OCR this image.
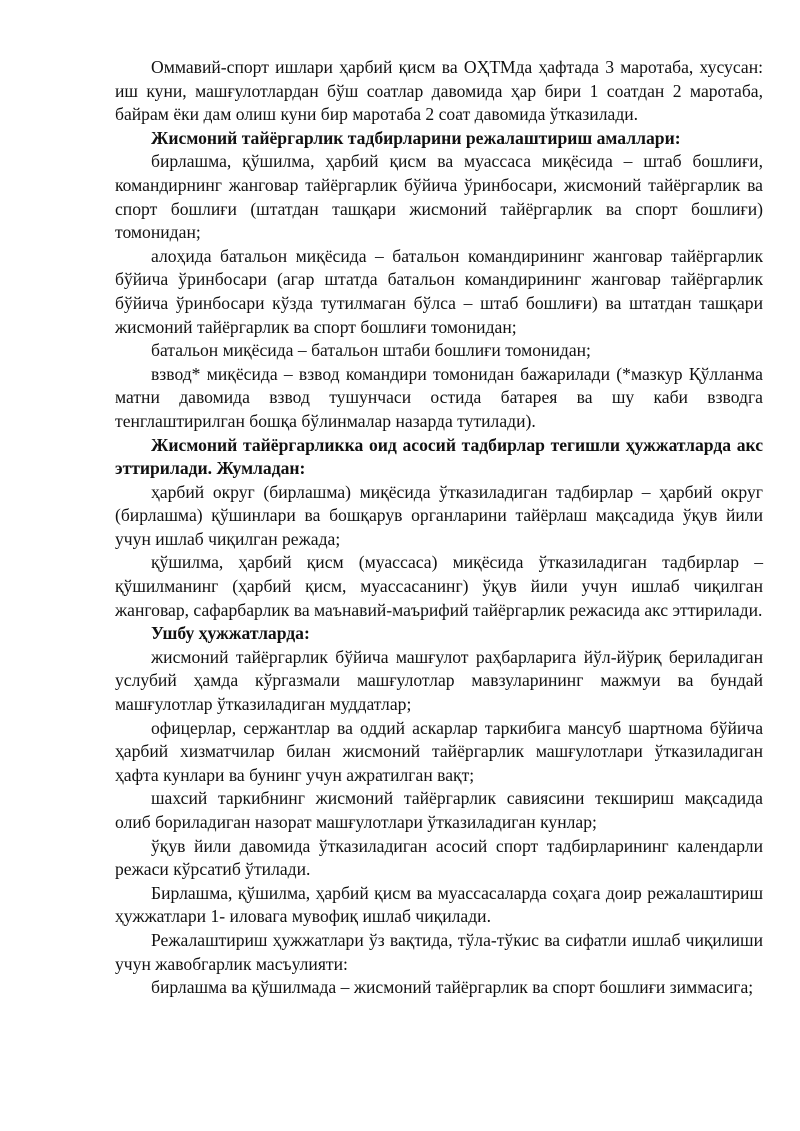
Оммавий-спорт ишлари ҳарбий қисм ва ОҲТМда ҳафтада 3 маротаба, хусусан: иш куни, машғулотлардан бўш соатлар давомида ҳар бири 1 соатдан 2 маротаба, байрам ёки дам олиш куни бир маротаба 2 соат давомида ўтказилади.

Жисмоний тайёргарлик тадбирларини режалаштириш амаллари:

бирлашма, қўшилма, ҳарбий қисм ва муассаса миқёсида – штаб бошлиғи, командирнинг жанговар тайёргарлик бўйича ўринбосари, жисмоний тайёргарлик ва спорт бошлиғи (штатдан ташқари жисмоний тайёргарлик ва спорт бошлиғи) томонидан;

алоҳида батальон миқёсида – батальон командирининг жанговар тайёргарлик бўйича ўринбосари (агар штатда батальон командирининг жанговар тайёргарлик бўйича ўринбосари кўзда тутилмаган бўлса – штаб бошлиғи) ва штатдан ташқари жисмоний тайёргарлик ва спорт бошлиғи томонидан;

батальон миқёсида – батальон штаби бошлиғи томонидан;

взвод* миқёсида – взвод командири томонидан бажарилади (*мазкур Қўлланма матни давомида взвод тушунчаси остида батарея ва шу каби взводга тенглаштирилган бошқа бўлинмалар назарда тутилади).

Жисмоний тайёргарликка оид асосий тадбирлар тегишли ҳужжатларда акс эттирилади. Жумладан:

ҳарбий округ (бирлашма) миқёсида ўтказиладиган тадбирлар – ҳарбий округ (бирлашма) қўшинлари ва бошқарув органларини тайёрлаш мақсадида ўқув йили учун ишлаб чиқилган режада;

қўшилма, ҳарбий қисм (муассаса) миқёсида ўтказиладиган тадбирлар – қўшилманинг (ҳарбий қисм, муассасанинг) ўқув йили учун ишлаб чиқилган жанговар, сафарбарлик ва маънавий-маърифий тайёргарлик режасида акс эттирилади.

Ушбу ҳужжатларда:

жисмоний тайёргарлик бўйича машғулот раҳбарларига йўл-йўриқ бериладиган услубий ҳамда кўргазмали машғулотлар мавзуларининг мажмуи ва бундай машғулотлар ўтказиладиган муддатлар;

офицерлар, сержантлар ва оддий аскарлар таркибига мансуб шартнома бўйича ҳарбий хизматчилар билан жисмоний тайёргарлик машғулотлари ўтказиладиган ҳафта кунлари ва бунинг учун ажратилган вақт;

шахсий таркибнинг жисмоний тайёргарлик савиясини текшириш мақсадида олиб бориладиган назорат машғулотлари ўтказиладиган кунлар;

ўқув йили давомида ўтказиладиган асосий спорт тадбирларининг календарли режаси кўрсатиб ўтилади.

Бирлашма, қўшилма, ҳарбий қисм ва муассасаларда соҳага доир режалаштириш ҳужжатлари 1- иловага мувофиқ ишлаб чиқилади.

Режалаштириш ҳужжатлари ўз вақтида, тўла-тўкис ва сифатли ишлаб чиқилиши учун жавобгарлик масъулияти:

бирлашма ва қўшилмада – жисмоний тайёргарлик ва спорт бошлиғи зиммасига;
